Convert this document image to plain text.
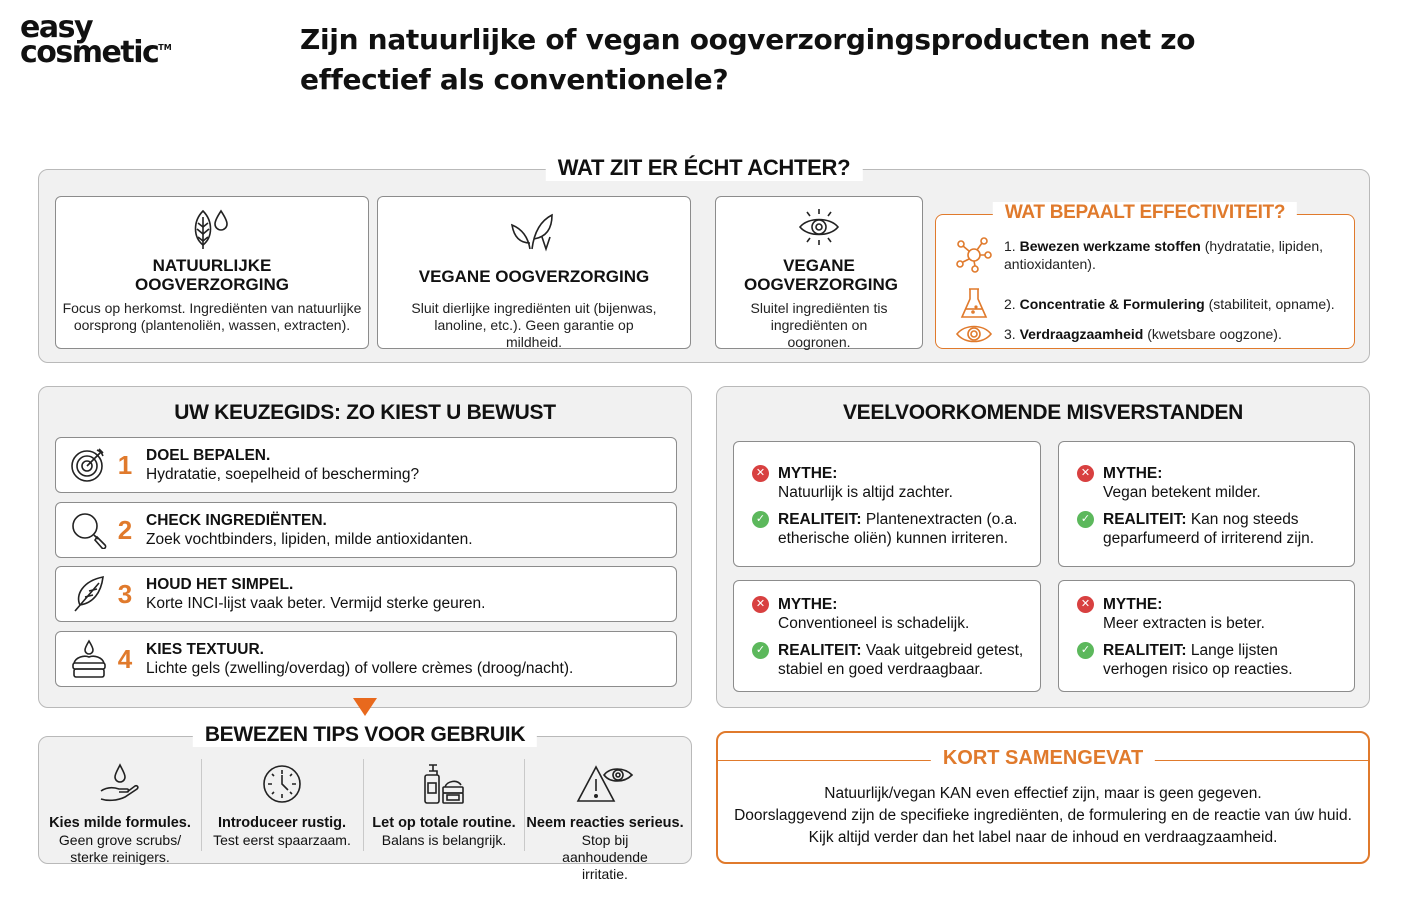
easy
cosmetic™	Zijn natuurlijke of vegan oogverzorgingsproducten net zo effectief als conventionele?
WAT ZIT ER ÉCHT ACHTER?
NATUURLIJKE OOGVERZORGING
Focus op herkomst. Ingrediënten van natuurlijke oorsprong (plantenoliën, wassen, extracten).
VEGANE OOGVERZORGING
Sluit dierlijke ingrediënten uit (bijenwas, lanoline, etc.). Geen garantie op mildheid.
VEGANE OOGVERZORGING
Sluitel ingrediënten tis ingrediënten on oogronen.
WAT BEPAALT EFFECTIVITEIT?
1. Bewezen werkzame stoffen (hydratatie, lipiden, antioxidanten).
2. Concentratie & Formulering (stabiliteit, opname).
3. Verdraagzaamheid (kwetsbare oogzone).
UW KEUZEGIDS: ZO KIEST U BEWUST
1 DOEL BEPALEN.
Hydratatie, soepelheid of bescherming?
2 CHECK INGREDIËNTEN.
Zoek vochtbinders, lipiden, milde antioxidanten.
3 HOUD HET SIMPEL.
Korte INCI-lijst vaak beter. Vermijd sterke geuren.
4 KIES TEXTUUR.
Lichte gels (zwelling/overdag) of vollere crèmes (droog/nacht).
VEELVOORKOMENDE MISVERSTANDEN
✕ MYTHE:
Natuurlijk is altijd zachter.
✓ REALITEIT: Plantenextracten (o.a.
etherische oliën) kunnen irriteren.
✕ MYTHE:
Vegan betekent milder.
✓ REALITEIT: Kan nog steeds
geparfumeerd of irriterend zijn.
✕ MYTHE:
Conventioneel is schadelijk.
✓ REALITEIT: Vaak uitgebreid getest,
stabiel en goed verdraagbaar.
✕ MYTHE:
Meer extracten is beter.
✓ REALITEIT: Lange lijsten
verhogen risico op reacties.
BEWEZEN TIPS VOOR GEBRUIK
Kies milde formules.
Geen grove scrubs/ sterke reinigers.
Introduceer rustig.
Test eerst spaarzaam.
Let op totale routine.
Balans is belangrijk.
Neem reacties serieus.
Stop bij aanhoudende irritatie.
KORT SAMENGEVAT
Natuurlijk/vegan KAN even effectief zijn, maar is geen gegeven.
Doorslaggevend zijn de specifieke ingrediënten, de formulering en de reactie van úw huid.
Kijk altijd verder dan het label naar de inhoud en verdraagzaamheid.
